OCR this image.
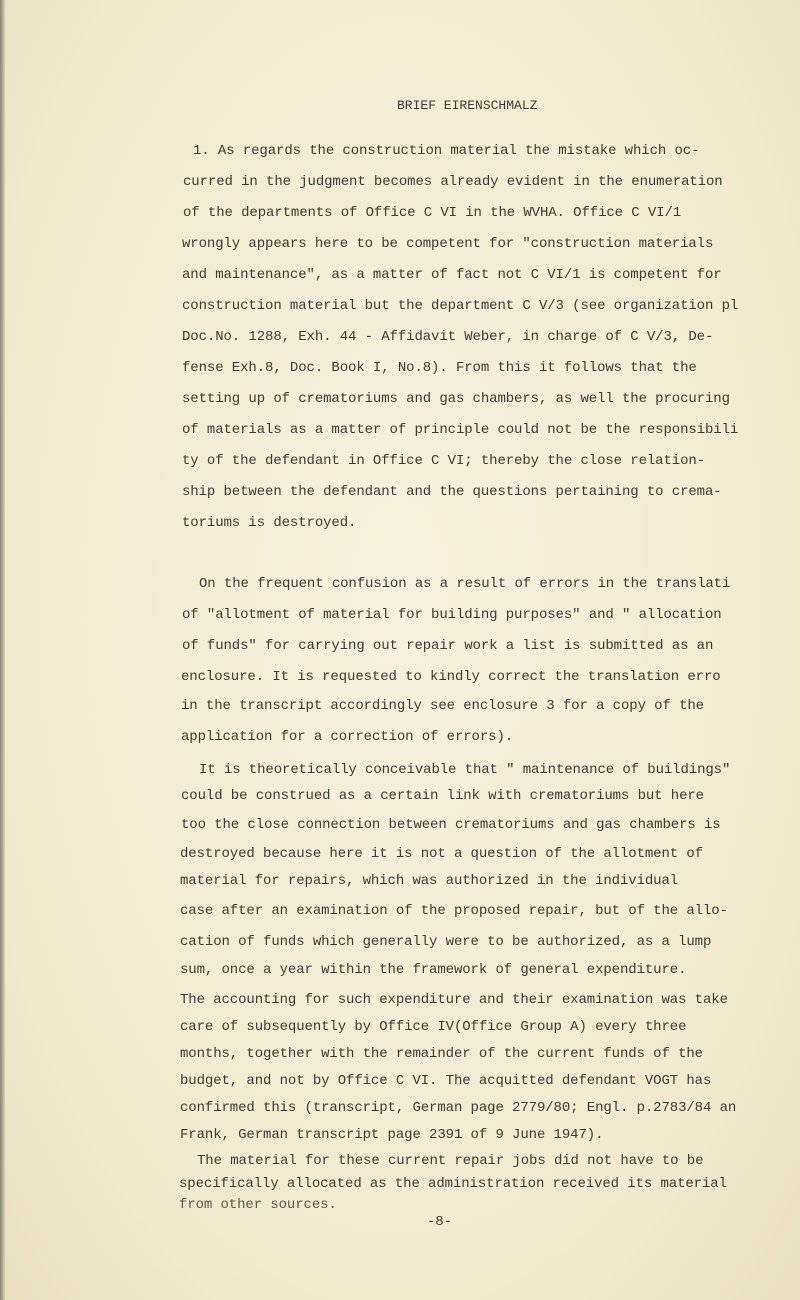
BRIEF EIRENSCHMALZ
1. As regards the construction material the mistake which oc-
curred in the judgment becomes already evident in the enumeration
of the departments of Office C VI in the WVHA. Office C VI/1
wrongly appears here to be competent for "construction materials
and maintenance", as a matter of fact not C VI/1 is competent for
construction material but the department C V/3 (see organization pl
Doc.No. 1288, Exh. 44 - Affidavit Weber, in charge of C V/3, De-
fense Exh.8, Doc. Book I, No.8). From this it follows that the
setting up of crematoriums and gas chambers, as well the procuring
of materials as a matter of principle could not be the responsibili
ty of the defendant in Office C VI; thereby the close relation-
ship between the defendant and the questions pertaining to crema-
toriums is destroyed.
On the frequent confusion as a result of errors in the translati
of "allotment of material for building purposes" and " allocation
of funds" for carrying out repair work a list is submitted as an
enclosure. It is requested to kindly correct the translation erro
in the transcript accordingly see enclosure 3 for a copy of the
application for a correction of errors).
It is theoretically conceivable that " maintenance of buildings"
could be construed as a certain link with crematoriums but here
too the close connection between crematoriums and gas chambers is
destroyed because here it is not a question of the allotment of
material for repairs, which was authorized in the individual
case after an examination of the proposed repair, but of the allo-
cation of funds which generally were to be authorized, as a lump
sum, once a year within the framework of general expenditure.
The accounting for such expenditure and their examination was take
care of subsequently by Office IV(Office Group A) every three
months, together with the remainder of the current funds of the
budget, and not by Office C VI. The acquitted defendant VOGT has
confirmed this (transcript, German page 2779/80; Engl. p.2783/84 an
Frank, German transcript page 2391 of 9 June 1947).
The material for these current repair jobs did not have to be
specifically allocated as the administration received its material
from other sources.
-8-
